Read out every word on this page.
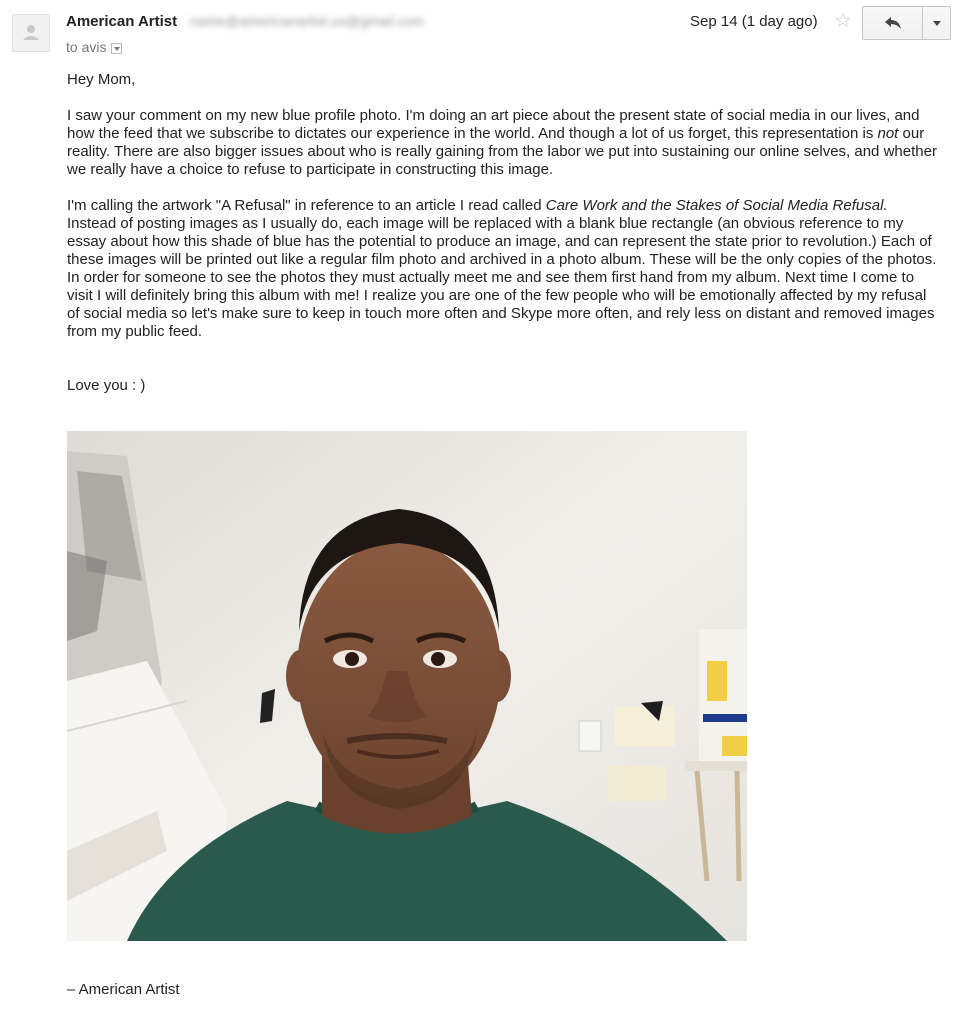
American Artist name@americanartist.us@gmail.com
to avis
Sep 14 (1 day ago) ☆
Hey Mom,
I saw your comment on my new blue profile photo. I'm doing an art piece about the present state of social media in our lives, and how the feed that we subscribe to dictates our experience in the world. And though a lot of us forget, this representation is not our reality. There are also bigger issues about who is really gaining from the labor we put into sustaining our online selves, and whether we really have a choice to refuse to participate in constructing this image.
I'm calling the artwork "A Refusal" in reference to an article I read called Care Work and the Stakes of Social Media Refusal. Instead of posting images as I usually do, each image will be replaced with a blank blue rectangle (an obvious reference to my essay about how this shade of blue has the potential to produce an image, and can represent the state prior to revolution.) Each of these images will be printed out like a regular film photo and archived in a photo album. These will be the only copies of the photos. In order for someone to see the photos they must actually meet me and see them first hand from my album. Next time I come to visit I will definitely bring this album with me! I realize you are one of the few people who will be emotionally affected by my refusal of social media so let's make sure to keep in touch more often and Skype more often, and rely less on distant and removed images from my public feed.
Love you : )
– American Artist
